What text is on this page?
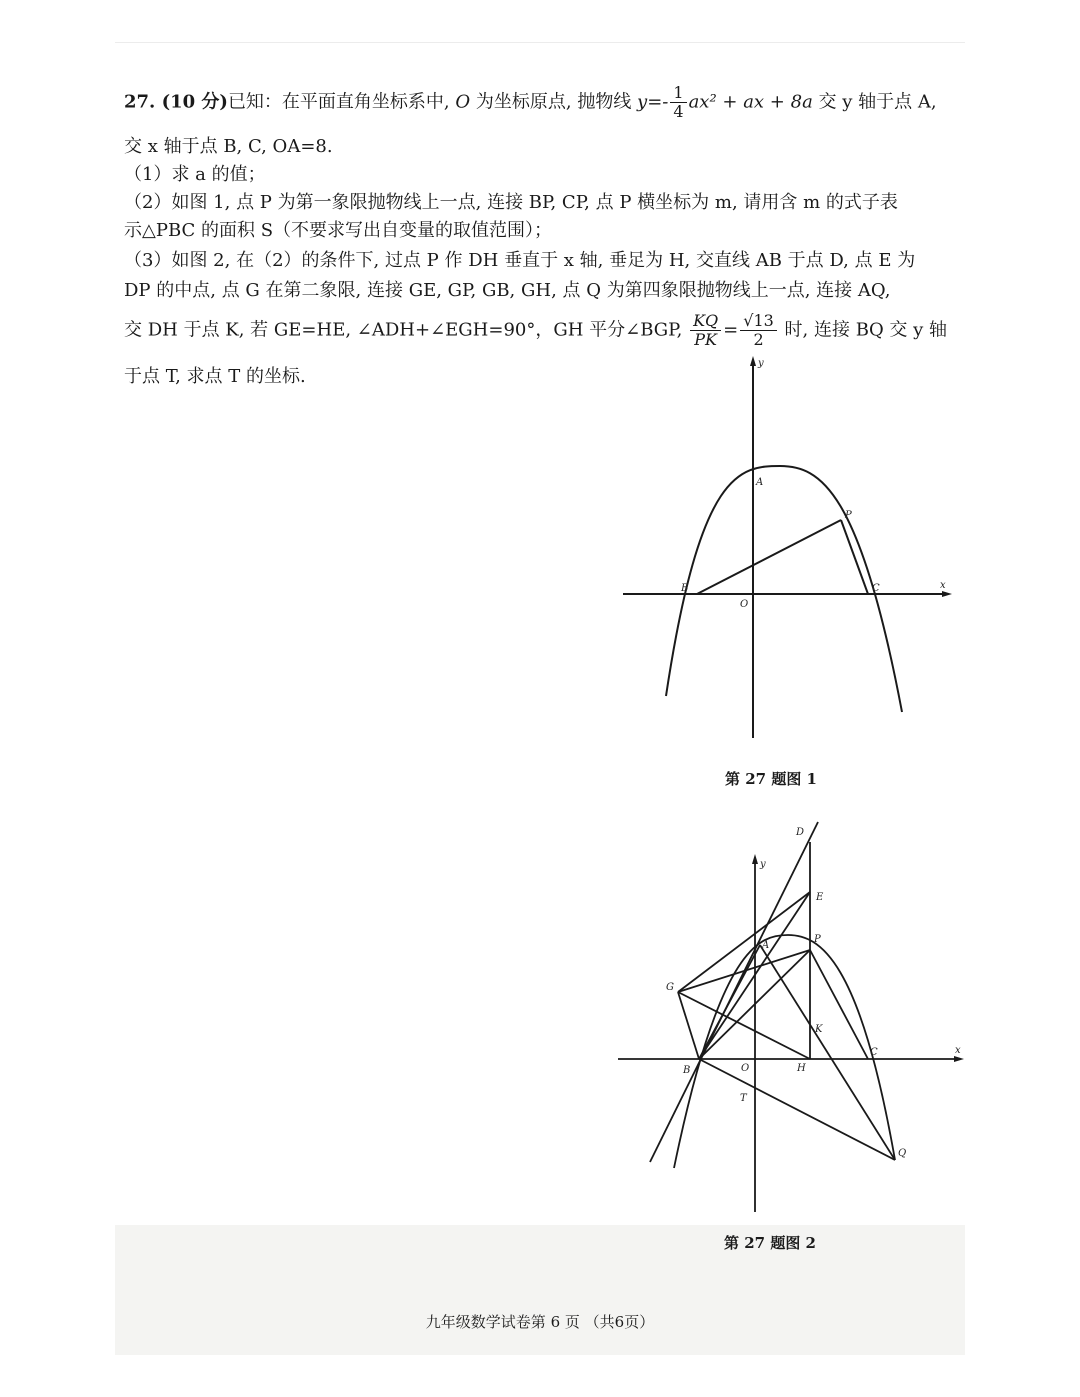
27. (10 分)已知：在平面直角坐标系中, O 为坐标原点, 抛物线 $y=- \frac{1}{4} ax^2$ + ax + 8a 交 y 轴于点 A,
交 x 轴于点 B, C, OA=8.
（1）求 a 的值；
（2）如图 1, 点 P 为第一象限抛物线上一点, 连接 BP, CP, 点 P 横坐标为 m, 请用含 m 的式子表
示△PBC 的面积 S（不要求写出自变量的取值范围）；
（3）如图 2, 在（2）的条件下, 过点 P 作 DH 垂直于 x 轴, 垂足为 H, 交直线 AB 于点 D, 点 E 为
DP 的中点, 点 G 在第二象限, 连接 GE, GP, GB, GH, 点 Q 为第四象限抛物线上一点, 连接 AQ,
交 DH 于点 K, 若 GE=HE, ∠ADH+∠EGH=90°，GH 平分∠BGP, $\frac{KQ}{PK} = \frac{√13}{2}$ 时, 连接 BQ 交 y 轴
于点 T, 求点 T 的坐标.
y
x
A
P
B
O
C
第 27 题图 1
D
y
E
A
P
G
K
C	x
B	O	H
T
Q
第 27 题图 2
九年级数学试卷第 6 页 （共6页）
